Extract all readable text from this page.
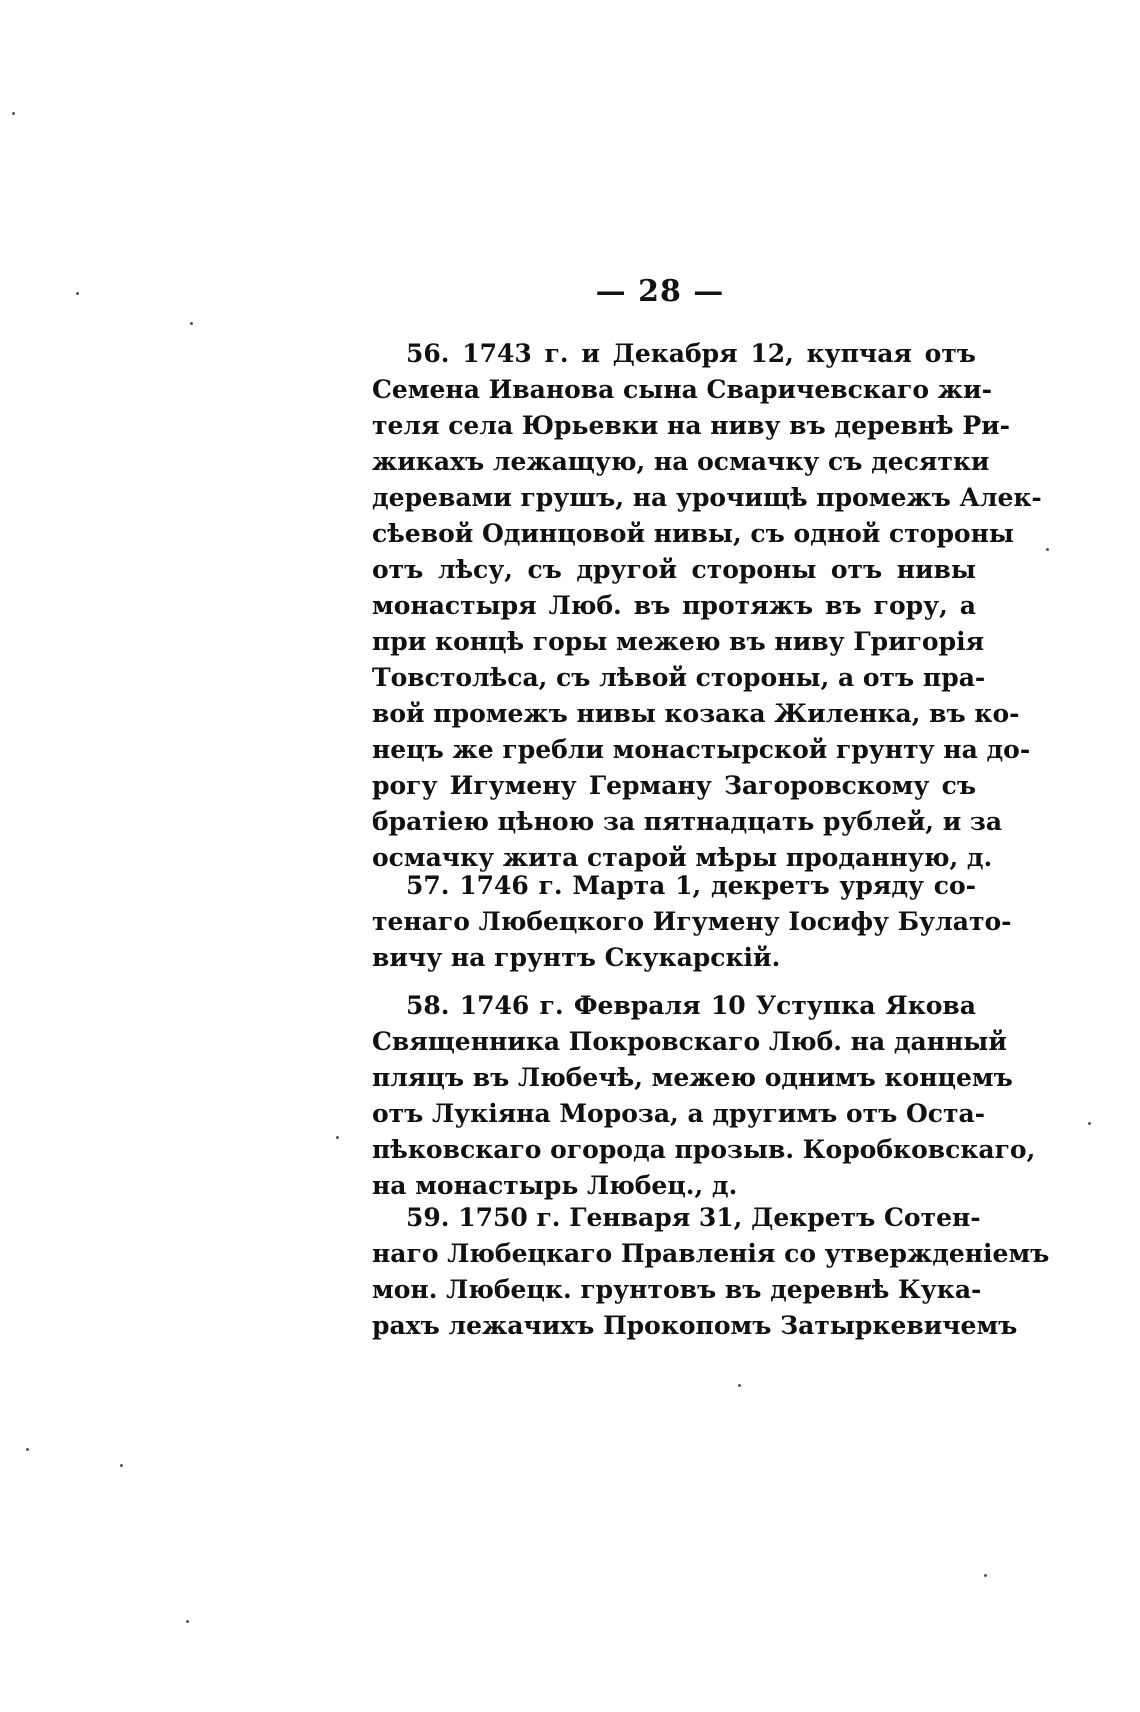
— 28 —
56. 1743 г. и Декабря 12, купчая отъ
Семена Иванова сына Сваричевскаго жи-
теля села Юрьевки на ниву въ деревнѣ Ри-
жикахъ лежащую, на осмачку съ десятки
деревами грушъ, на урочищѣ промежъ Алек-
сѣевой Одинцовой нивы, съ одной стороны
отъ лѣсу, съ другой стороны отъ нивы
монастыря Люб. въ протяжъ въ гору, а
при концѣ горы межею въ ниву Григорія
Товстолѣса, съ лѣвой стороны, а отъ пра-
вой промежъ нивы козака Жиленка, въ ко-
нецъ же гребли монастырской грунту на до-
рогу Игумену Герману Загоровскому съ
братіею цѣною за пятнадцать рублей, и за
осмачку жита старой мѣры проданную, д.
57. 1746 г. Марта 1, декретъ уряду со-
тенаго Любецкого Игумену Іосифу Булато-
вичу на грунтъ Скукарскій.
58. 1746 г. Февраля 10 Уступка Якова
Священника Покровскаго Люб. на данный
пляцъ въ Любечѣ, межею однимъ концемъ
отъ Лукіяна Мороза, а другимъ отъ Оста-
пѣковскаго огорода прозыв. Коробковскаго,
на монастырь Любец., д.
59. 1750 г. Генваря 31, Декретъ Сотен-
наго Любецкаго Правленія со утвержденіемъ
мон. Любецк. грунтовъ въ деревнѣ Кука-
рахъ лежачихъ Прокопомъ Затыркевичемъ
